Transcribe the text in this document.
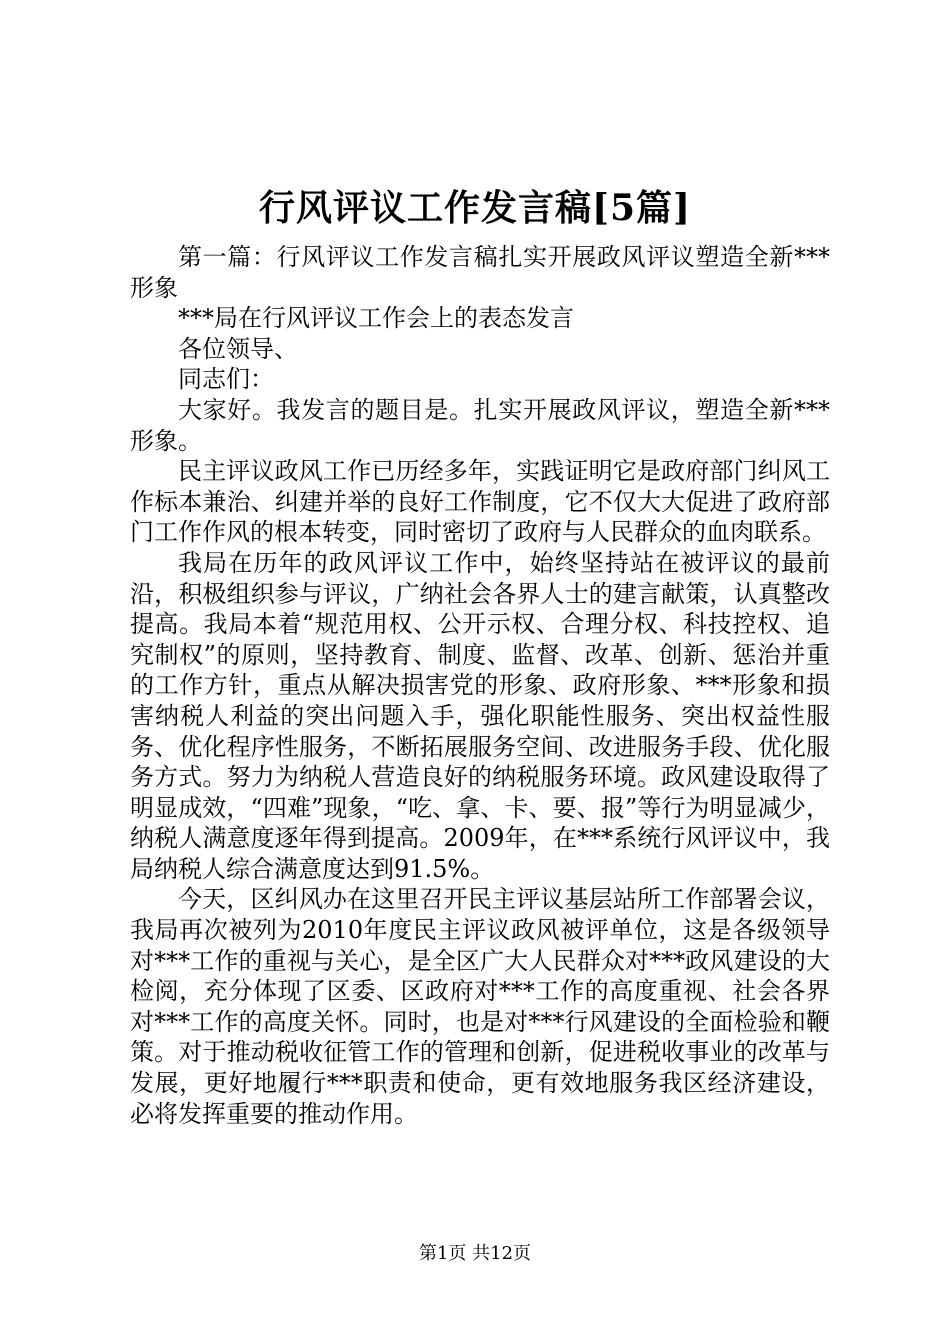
行风评议工作发言稿[5篇]

第一篇：行风评议工作发言稿扎实开展政风评议塑造全新***形象

***局在行风评议工作会上的表态发言

各位领导、

同志们：

大家好。我发言的题目是。扎实开展政风评议，塑造全新***形象。

民主评议政风工作已历经多年，实践证明它是政府部门纠风工作标本兼治、纠建并举的良好工作制度，它不仅大大促进了政府部门工作作风的根本转变，同时密切了政府与人民群众的血肉联系。

我局在历年的政风评议工作中，始终坚持站在被评议的最前沿，积极组织参与评议，广纳社会各界人士的建言献策，认真整改提高。我局本着“规范用权、公开示权、合理分权、科技控权、追究制权”的原则，坚持教育、制度、监督、改革、创新、惩治并重的工作方针，重点从解决损害党的形象、政府形象、***形象和损害纳税人利益的突出问题入手，强化职能性服务、突出权益性服务、优化程序性服务，不断拓展服务空间、改进服务手段、优化服务方式。努力为纳税人营造良好的纳税服务环境。政风建设取得了明显成效，“四难”现象，“吃、拿、卡、要、报”等行为明显减少，纳税人满意度逐年得到提高。2009年，在***系统行风评议中，我局纳税人综合满意度达到91.5%。

今天，区纠风办在这里召开民主评议基层站所工作部署会议，我局再次被列为2010年度民主评议政风被评单位，这是各级领导对***工作的重视与关心，是全区广大人民群众对***政风建设的大检阅，充分体现了区委、区政府对***工作的高度重视、社会各界对***工作的高度关怀。同时，也是对***行风建设的全面检验和鞭策。对于推动税收征管工作的管理和创新，促进税收事业的改革与发展，更好地履行***职责和使命，更有效地服务我区经济建设，必将发挥重要的推动作用。

第1页 共12页
